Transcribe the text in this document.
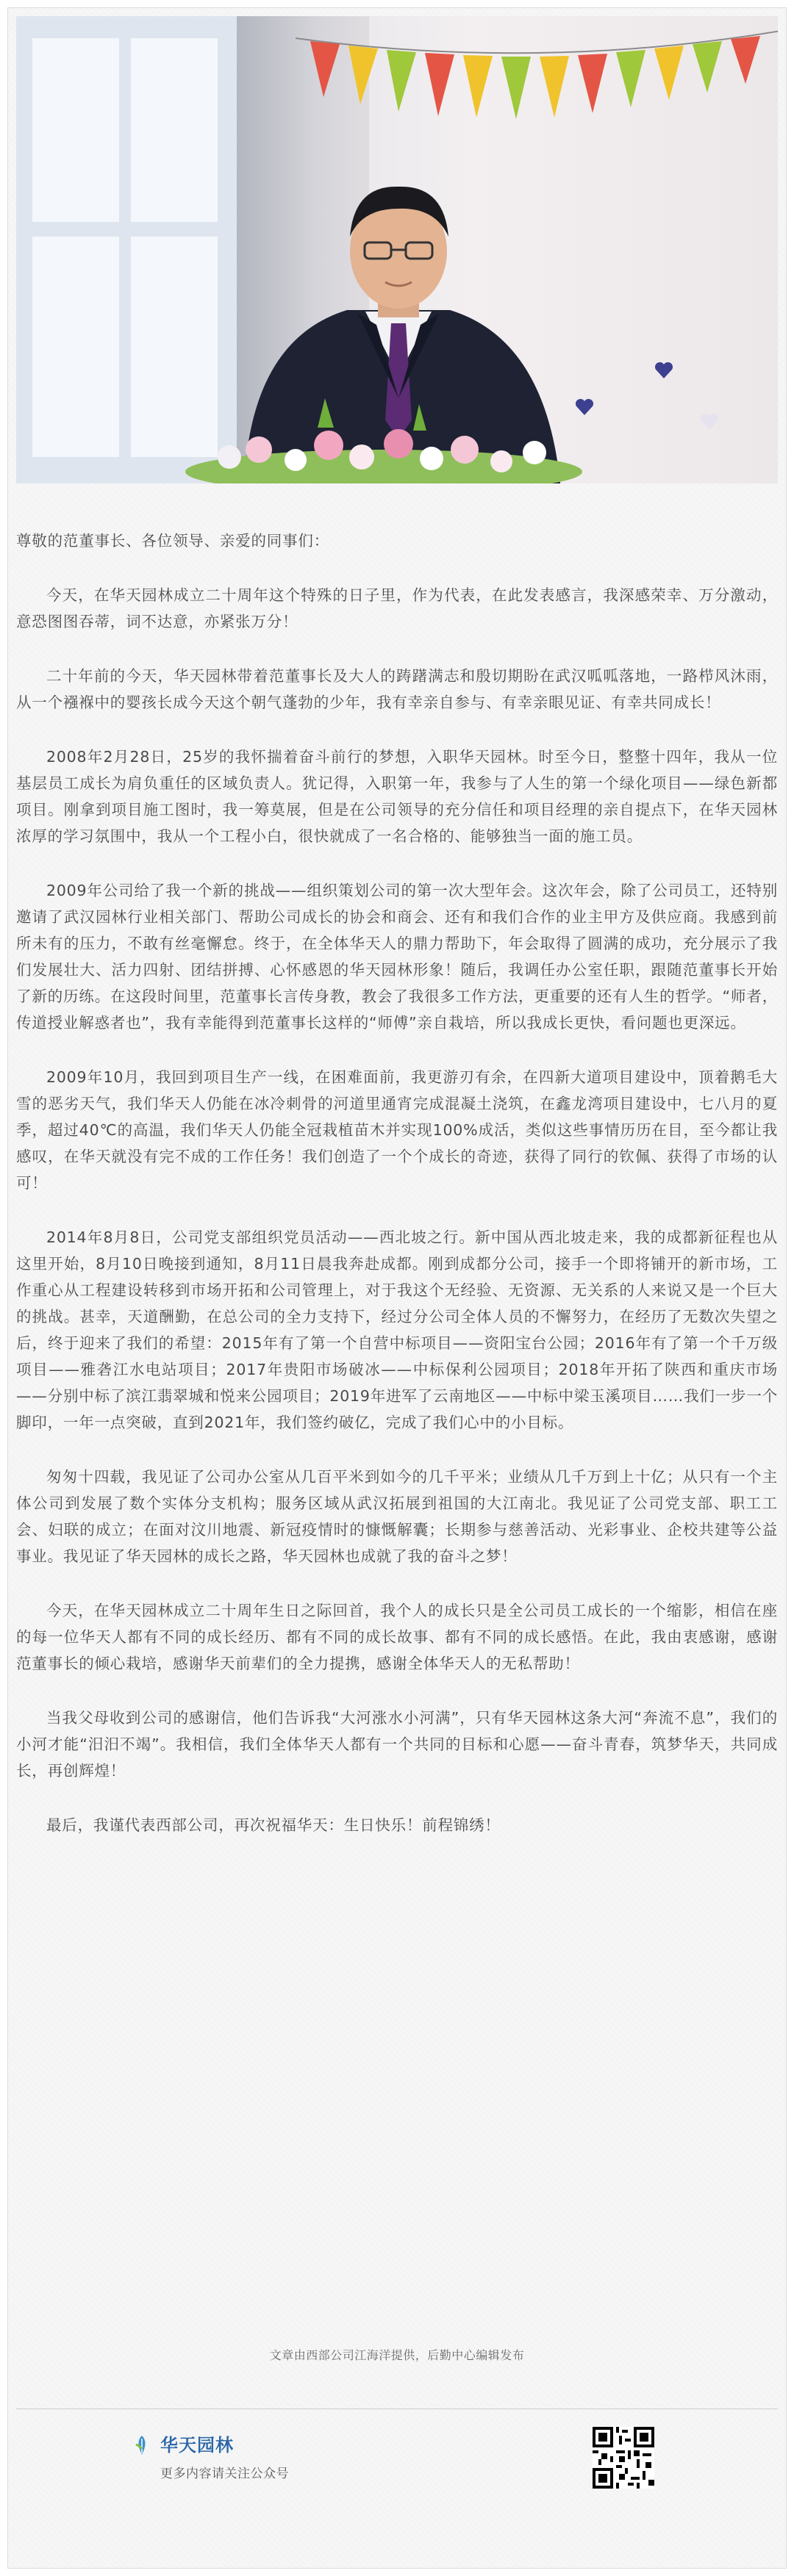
尊敬的范董事长、各位领导、亲爱的同事们：

今天，在华天园林成立二十周年这个特殊的日子里，作为代表，在此发表感言，我深感荣幸、万分激动，意恐图图吞蒂，词不达意，亦紧张万分！

二十年前的今天，华天园林带着范董事长及大人的踌躇满志和殷切期盼在武汉呱呱落地，一路栉风沐雨，从一个襁褓中的婴孩长成今天这个朝气蓬勃的少年，我有幸亲自参与、有幸亲眼见证、有幸共同成长！

2008年2月28日，25岁的我怀揣着奋斗前行的梦想，入职华天园林。时至今日，整整十四年，我从一位基层员工成长为肩负重任的区域负责人。犹记得，入职第一年，我参与了人生的第一个绿化项目——绿色新都项目。刚拿到项目施工图时，我一筹莫展，但是在公司领导的充分信任和项目经理的亲自提点下，在华天园林浓厚的学习氛围中，我从一个工程小白，很快就成了一名合格的、能够独当一面的施工员。

2009年公司给了我一个新的挑战——组织策划公司的第一次大型年会。这次年会，除了公司员工，还特别邀请了武汉园林行业相关部门、帮助公司成长的协会和商会、还有和我们合作的业主甲方及供应商。我感到前所未有的压力，不敢有丝毫懈怠。终于，在全体华天人的鼎力帮助下，年会取得了圆满的成功，充分展示了我们发展壮大、活力四射、团结拼搏、心怀感恩的华天园林形象！随后，我调任办公室任职，跟随范董事长开始了新的历练。在这段时间里，范董事长言传身教，教会了我很多工作方法，更重要的还有人生的哲学。“师者，传道授业解惑者也”，我有幸能得到范董事长这样的“师傅”亲自栽培，所以我成长更快，看问题也更深远。

2009年10月，我回到项目生产一线，在困难面前，我更游刃有余，在四新大道项目建设中，顶着鹅毛大雪的恶劣天气，我们华天人仍能在冰冷刺骨的河道里通宵完成混凝土浇筑，在鑫龙湾项目建设中，七八月的夏季，超过40℃的高温，我们华天人仍能全冠栽植苗木并实现100%成活，类似这些事情历历在目，至今都让我感叹，在华天就没有完不成的工作任务！我们创造了一个个成长的奇迹，获得了同行的钦佩、获得了市场的认可！

2014年8月8日，公司党支部组织党员活动——西北坡之行。新中国从西北坡走来，我的成都新征程也从这里开始，8月10日晚接到通知，8月11日晨我奔赴成都。刚到成都分公司，接手一个即将铺开的新市场，工作重心从工程建设转移到市场开拓和公司管理上，对于我这个无经验、无资源、无关系的人来说又是一个巨大的挑战。甚幸，天道酬勤，在总公司的全力支持下，经过分公司全体人员的不懈努力，在经历了无数次失望之后，终于迎来了我们的希望：2015年有了第一个自营中标项目——资阳宝台公园；2016年有了第一个千万级项目——雅砻江水电站项目；2017年贵阳市场破冰——中标保利公园项目；2018年开拓了陕西和重庆市场——分别中标了滨江翡翠城和悦来公园项目；2019年进军了云南地区——中标中梁玉溪项目……我们一步一个脚印，一年一点突破，直到2021年，我们签约破亿，完成了我们心中的小目标。

匆匆十四载，我见证了公司办公室从几百平米到如今的几千平米；业绩从几千万到上十亿；从只有一个主体公司到发展了数个实体分支机构；服务区域从武汉拓展到祖国的大江南北。我见证了公司党支部、职工工会、妇联的成立；在面对汶川地震、新冠疫情时的慷慨解囊；长期参与慈善活动、光彩事业、企校共建等公益事业。我见证了华天园林的成长之路，华天园林也成就了我的奋斗之梦！

今天，在华天园林成立二十周年生日之际回首，我个人的成长只是全公司员工成长的一个缩影，相信在座的每一位华天人都有不同的成长经历、都有不同的成长故事、都有不同的成长感悟。在此，我由衷感谢，感谢范董事长的倾心栽培，感谢华天前辈们的全力提携，感谢全体华天人的无私帮助！

当我父母收到公司的感谢信，他们告诉我“大河涨水小河满”，只有华天园林这条大河“奔流不息”，我们的小河才能“汨汨不竭”。我相信，我们全体华天人都有一个共同的目标和心愿——奋斗青春，筑梦华天，共同成长，再创辉煌！

最后，我谨代表西部公司，再次祝福华天：生日快乐！前程锦绣！

文章由西部公司江海洋提供，后勤中心编辑发布
华天园林
更多内容请关注公众号
